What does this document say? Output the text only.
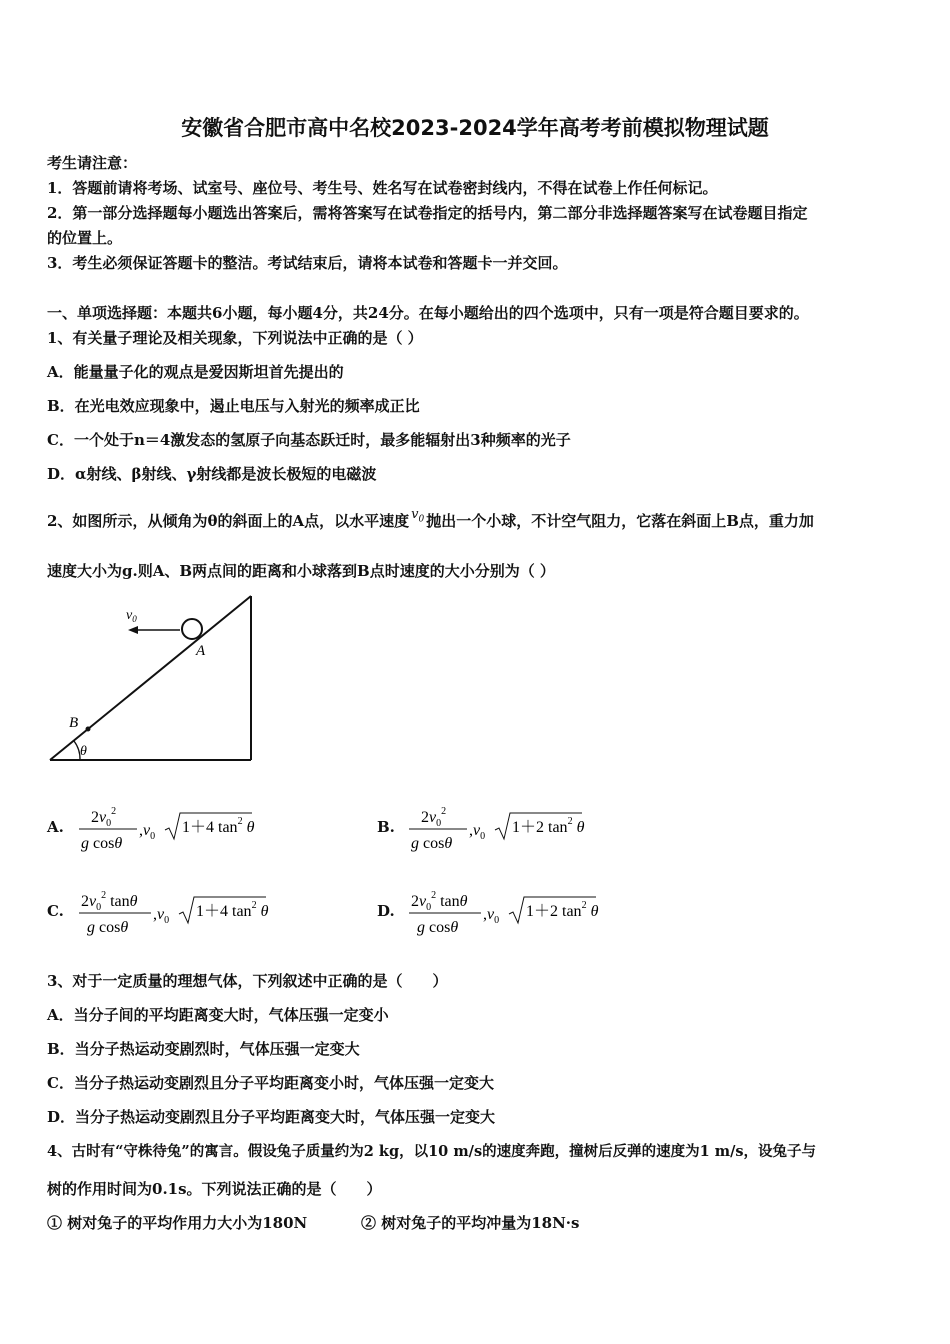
安徽省合肥市高中名校2023-2024学年高考考前模拟物理试题
考生请注意：
1．答题前请将考场、试室号、座位号、考生号、姓名写在试卷密封线内，不得在试卷上作任何标记。
2．第一部分选择题每小题选出答案后，需将答案写在试卷指定的括号内，第二部分非选择题答案写在试卷题目指定
的位置上。
3．考生必须保证答题卡的整洁。考试结束后，请将本试卷和答题卡一并交回。
一、单项选择题：本题共6小题，每小题4分，共24分。在每小题给出的四个选项中，只有一项是符合题目要求的。
1、有关量子理论及相关现象，下列说法中正确的是（ ）
A．能量量子化的观点是爱因斯坦首先提出的
B．在光电效应现象中，遏止电压与入射光的频率成正比
C．一个处于n＝4激发态的氢原子向基态跃迁时，最多能辐射出3种频率的光子
D．α射线、β射线、γ射线都是波长极短的电磁波
2、如图所示，从倾角为θ的斜面上的A点，以水平速度 $v_0$ 抛出一个小球，不计空气阻力，它落在斜面上B点，重力加
速度大小为g.则A、B两点间的距离和小球落到B点时速度的大小分别为（ ）
$v_0$
A
B
θ
A.
$2v_0^2$
g cosθ
$,v_0$
1＋4 $\tan^2 \theta$	B.
$2v_0^2$
g cosθ
$,v_0$
1＋2 $\tan^2 \theta$
C.
$2v_0^2$ tanθ
g cosθ
$,v_0$
1＋4 $\tan^2 \theta$	D.
$2v_0^2$ tanθ
g cosθ
$,v_0$
1＋2 $\tan^2 \theta$
3、对于一定质量的理想气体，下列叙述中正确的是（　　）
A．当分子间的平均距离变大时，气体压强一定变小
B．当分子热运动变剧烈时，气体压强一定变大
C．当分子热运动变剧烈且分子平均距离变小时，气体压强一定变大
D．当分子热运动变剧烈且分子平均距离变大时，气体压强一定变大
4、古时有“守株待兔”的寓言。假设兔子质量约为2 kg，以10 m/s的速度奔跑，撞树后反弹的速度为1 m/s，设兔子与
树的作用时间为0.1s。下列说法正确的是（　　）
① 树对兔子的平均作用力大小为180N	② 树对兔子的平均冲量为18N·s
